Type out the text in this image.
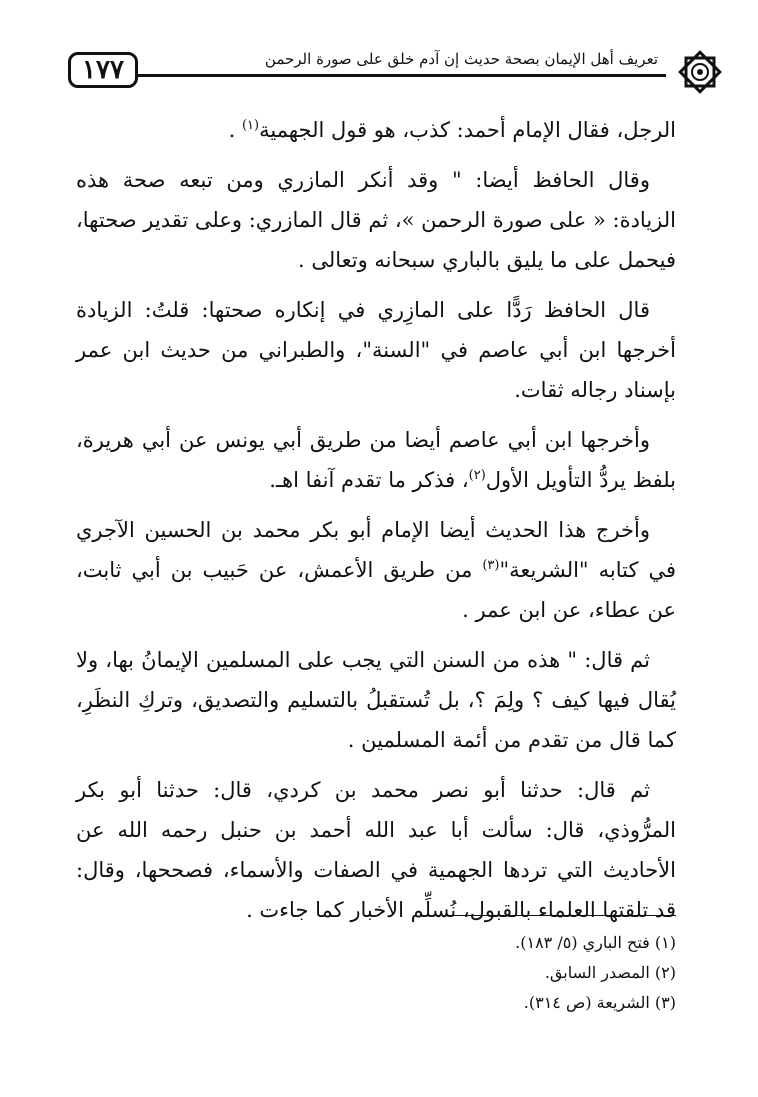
١٧٧	تعريف أهل الإيمان بصحة حديث إن آدم خلق على صورة الرحمن

الرجل، فقال الإمام أحمد: كذب، هو قول الجهمية$^{(١)}$ .

وقال الحافظ أيضا: " وقد أنكر المازري ومن تبعه صحة هذه الزيادة: « على صورة الرحمن »، ثم قال المازري: وعلى تقدير صحتها، فيحمل على ما يليق بالباري سبحانه وتعالى .

قال الحافظ رَدًّا على المازِري في إنكاره صحتها: قلتُ: الزيادة أخرجها ابن أبي عاصم في "السنة"، والطبراني من حديث ابن عمر بإسناد رجاله ثقات.

وأخرجها ابن أبي عاصم أيضا من طريق أبي يونس عن أبي هريرة، بلفظ يردُّ التأويل الأول$^{(٢)}$، فذكر ما تقدم آنفا اهـ.

وأخرج هذا الحديث أيضا الإمام أبو بكر محمد بن الحسين الآجري في كتابه "الشريعة"$^{(٣)}$ من طريق الأعمش، عن حَبيب بن أبي ثابت، عن عطاء، عن ابن عمر .

ثم قال: " هذه من السنن التي يجب على المسلمين الإيمانُ بها، ولا يُقال فيها كيف ؟ ولِمَ ؟، بل تُستقبلُ بالتسليم والتصديق، وتركِ النظَرِ، كما قال من تقدم من أئمة المسلمين .

ثم قال: حدثنا أبو نصر محمد بن كردي، قال: حدثنا أبو بكر المرُّوذي، قال: سألت أبا عبد الله أحمد بن حنبل رحمه الله عن الأحاديث التي تردها الجهمية في الصفات والأسماء، فصححها، وقال: قد تلقتها العلماء بالقبول، نُسلِّم الأخبار كما جاءت .

(١) فتح الباري (٥/ ١٨٣).

(٢) المصدر السابق.

(٣) الشريعة (ص ٣١٤).
